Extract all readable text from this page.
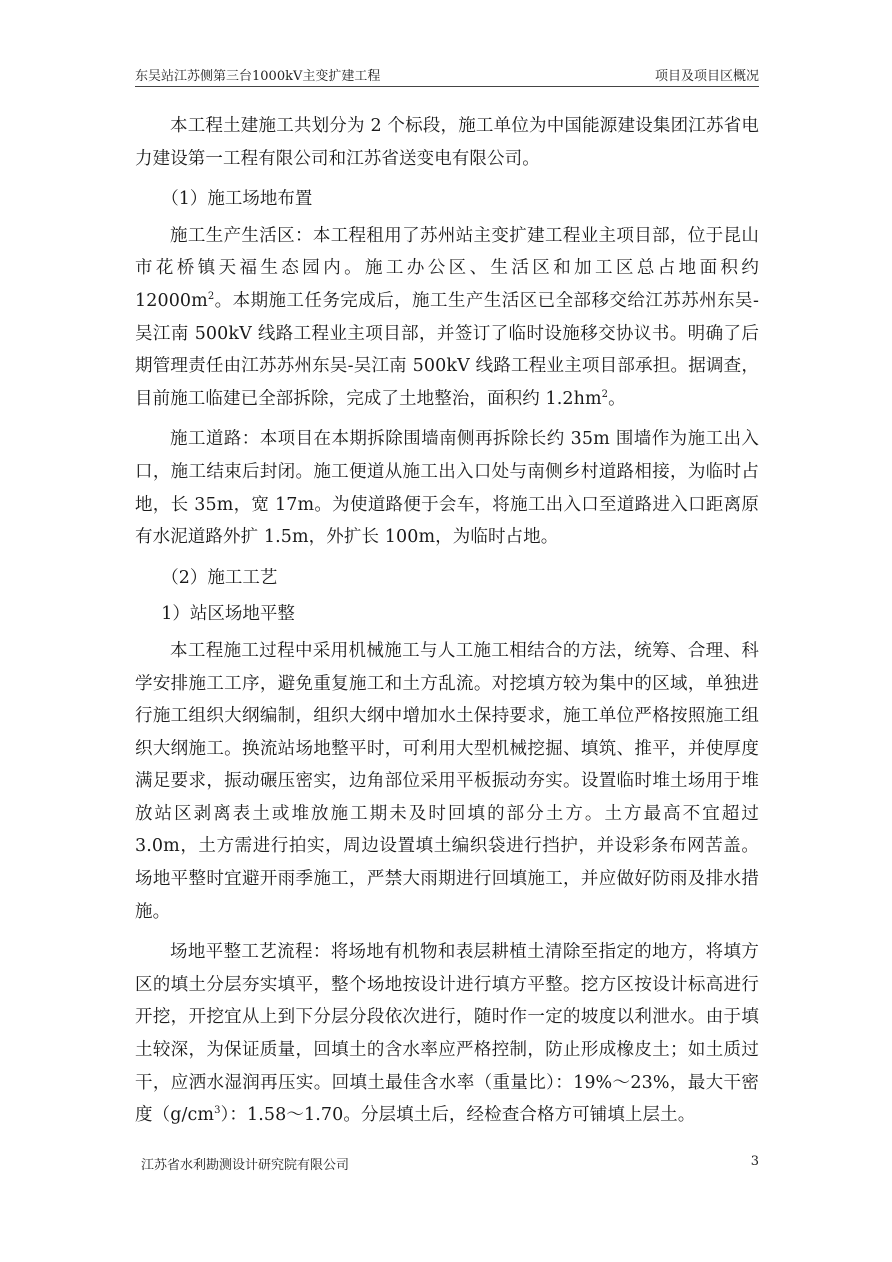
东吴站江苏侧第三台1000kV主变扩建工程	项目及项目区概况

本工程土建施工共划分为 2 个标段，施工单位为中国能源建设集团江苏省电力建设第一工程有限公司和江苏省送变电有限公司。

（1）施工场地布置

施工生产生活区：本工程租用了苏州站主变扩建工程业主项目部，位于昆山市花桥镇天福生态园内。施工办公区、生活区和加工区总占地面积约 $12000m^2$。本期施工任务完成后，施工生产生活区已全部移交给江苏苏州东吴-吴江南 500kV 线路工程业主项目部，并签订了临时设施移交协议书。明确了后期管理责任由江苏苏州东吴-吴江南 500kV 线路工程业主项目部承担。据调查，目前施工临建已全部拆除，完成了土地整治，面积约 $1.2hm^2$。

施工道路：本项目在本期拆除围墙南侧再拆除长约 35m 围墙作为施工出入口，施工结束后封闭。施工便道从施工出入口处与南侧乡村道路相接，为临时占地，长 35m，宽 17m。为使道路便于会车，将施工出入口至道路进入口距离原有水泥道路外扩 1.5m，外扩长 100m，为临时占地。

（2）施工工艺

1）站区场地平整

本工程施工过程中采用机械施工与人工施工相结合的方法，统筹、合理、科学安排施工工序，避免重复施工和土方乱流。对挖填方较为集中的区域，单独进行施工组织大纲编制，组织大纲中增加水土保持要求，施工单位严格按照施工组织大纲施工。换流站场地整平时，可利用大型机械挖掘、填筑、推平，并使厚度满足要求，振动碾压密实，边角部位采用平板振动夯实。设置临时堆土场用于堆放站区剥离表土或堆放施工期未及时回填的部分土方。土方最高不宜超过 3.0m，土方需进行拍实，周边设置填土编织袋进行挡护，并设彩条布网苦盖。场地平整时宜避开雨季施工，严禁大雨期进行回填施工，并应做好防雨及排水措施。

场地平整工艺流程：将场地有机物和表层耕植土清除至指定的地方，将填方区的填土分层夯实填平，整个场地按设计进行填方平整。挖方区按设计标高进行开挖，开挖宜从上到下分层分段依次进行，随时作一定的坡度以利泄水。由于填土较深，为保证质量，回填土的含水率应严格控制，防止形成橡皮土；如土质过干，应洒水湿润再压实。回填土最佳含水率（重量比）：19%～23%，最大干密度$(g/cm^3)$：1.58～1.70。分层填土后，经检查合格方可铺填上层土。

江苏省水利勘测设计研究院有限公司	3
